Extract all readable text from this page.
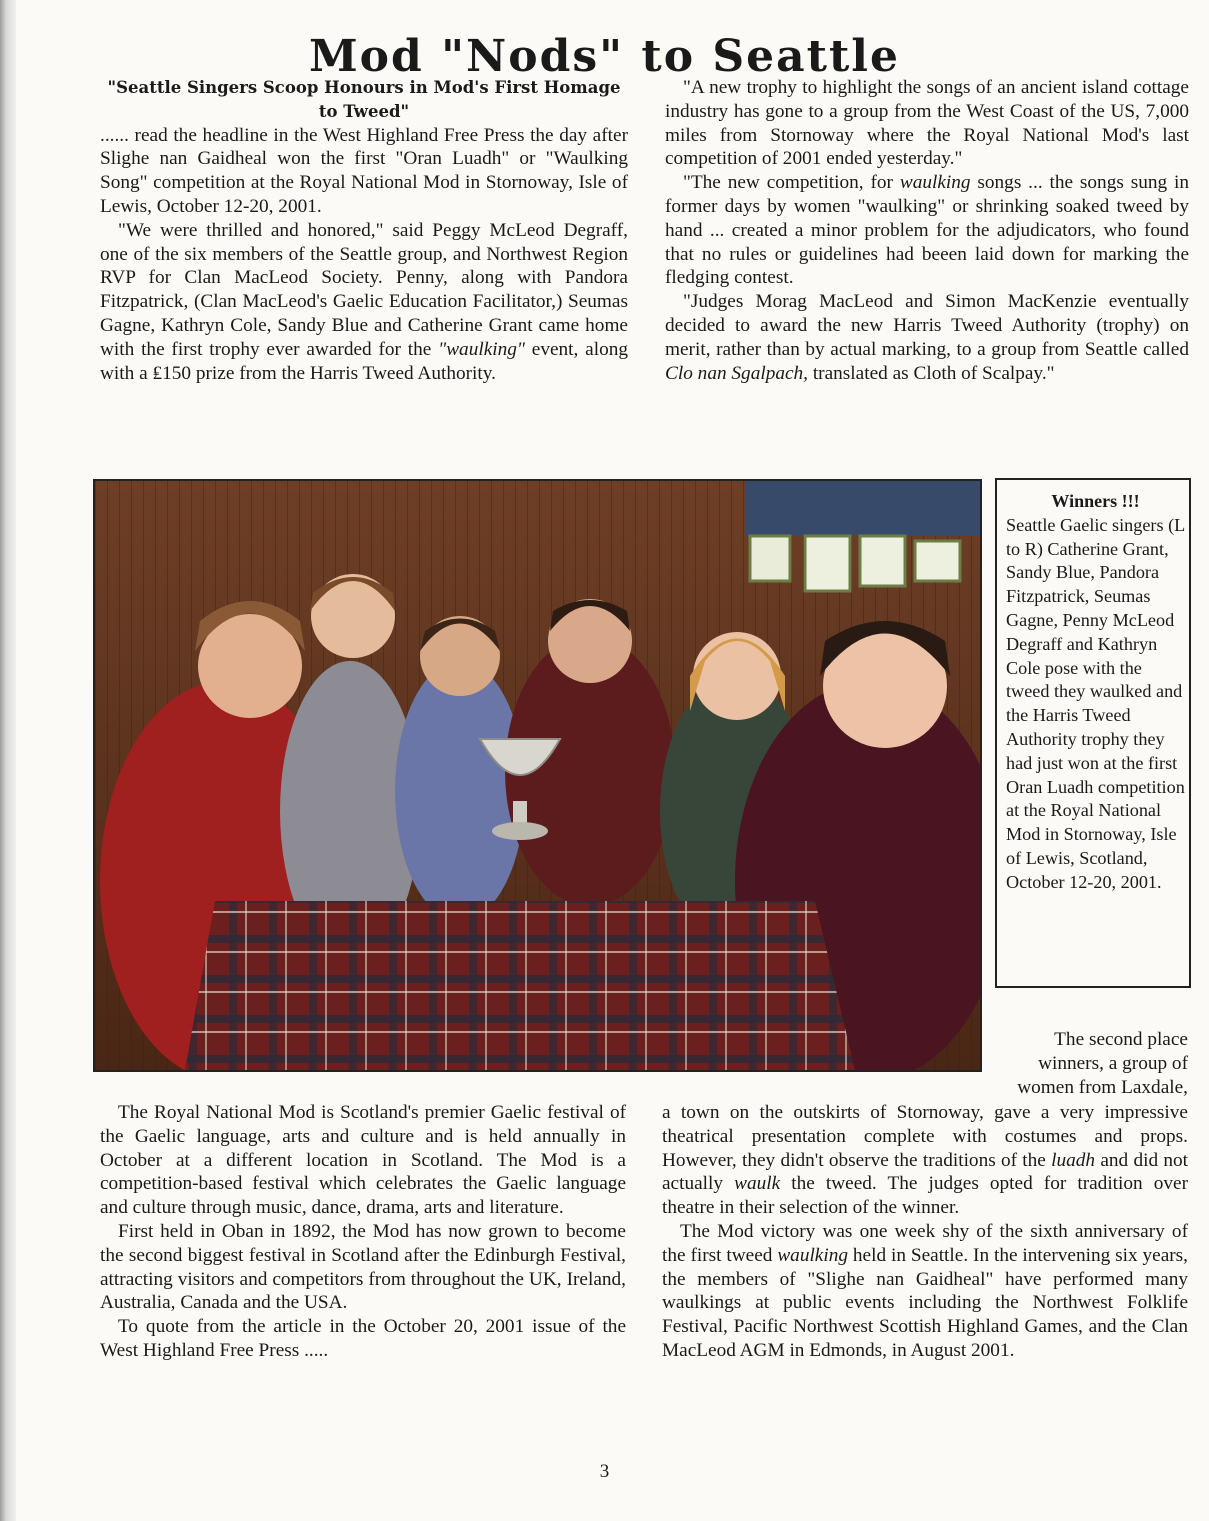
Mod "Nods" to Seattle

"Seattle Singers Scoop Honours in Mod's First Homage to Tweed"

...... read the headline in the West Highland Free Press the day after Slighe nan Gaidheal won the first "Oran Luadh" or "Waulking Song" competition at the Royal National Mod in Stornoway, Isle of Lewis, October 12-20, 2001.

"We were thrilled and honored," said Peggy McLeod Degraff, one of the six members of the Seattle group, and Northwest Region RVP for Clan MacLeod Society. Penny, along with Pandora Fitzpatrick, (Clan MacLeod's Gaelic Education Facilitator,) Seumas Gagne, Kathryn Cole, Sandy Blue and Catherine Grant came home with the first trophy ever awarded for the "waulking" event, along with a ₤150 prize from the Harris Tweed Authority.

"A new trophy to highlight the songs of an ancient island cottage industry has gone to a group from the West Coast of the US, 7,000 miles from Stornoway where the Royal National Mod's last competition of 2001 ended yesterday."

"The new competition, for waulking songs ... the songs sung in former days by women "waulking" or shrinking soaked tweed by hand ... created a minor problem for the adjudicators, who found that no rules or guidelines had beeen laid down for marking the fledging contest.

"Judges Morag MacLeod and Simon MacKenzie eventually decided to award the new Harris Tweed Authority (trophy) on merit, rather than by actual marking, to a group from Seattle called Clo nan Sgalpach, translated as Cloth of Scalpay."

Winners !!!
Seattle Gaelic singers (L to R) Catherine Grant, Sandy Blue, Pandora Fitzpatrick, Seumas Gagne, Penny McLeod Degraff and Kathryn Cole pose with the tweed they waulked and the Harris Tweed Authority trophy they had just won at the first Oran Luadh competition at the Royal National Mod in Stornoway, Isle of Lewis, Scotland, October 12-20, 2001.
The second place winners, a group of women from Laxdale,

The Royal National Mod is Scotland's premier Gaelic festival of the Gaelic language, arts and culture and is held annually in October at a different location in Scotland. The Mod is a competition-based festival which celebrates the Gaelic language and culture through music, dance, drama, arts and literature.

First held in Oban in 1892, the Mod has now grown to become the second biggest festival in Scotland after the Edinburgh Festival, attracting visitors and competitors from throughout the UK, Ireland, Australia, Canada and the USA.

To quote from the article in the October 20, 2001 issue of the West Highland Free Press .....

a town on the outskirts of Stornoway, gave a very impressive theatrical presentation complete with costumes and props. However, they didn't observe the traditions of the luadh and did not actually waulk the tweed. The judges opted for tradition over theatre in their selection of the winner.

The Mod victory was one week shy of the sixth anniversary of the first tweed waulking held in Seattle. In the intervening six years, the members of "Slighe nan Gaidheal" have performed many waulkings at public events including the Northwest Folklife Festival, Pacific Northwest Scottish Highland Games, and the Clan MacLeod AGM in Edmonds, in August 2001.

3
